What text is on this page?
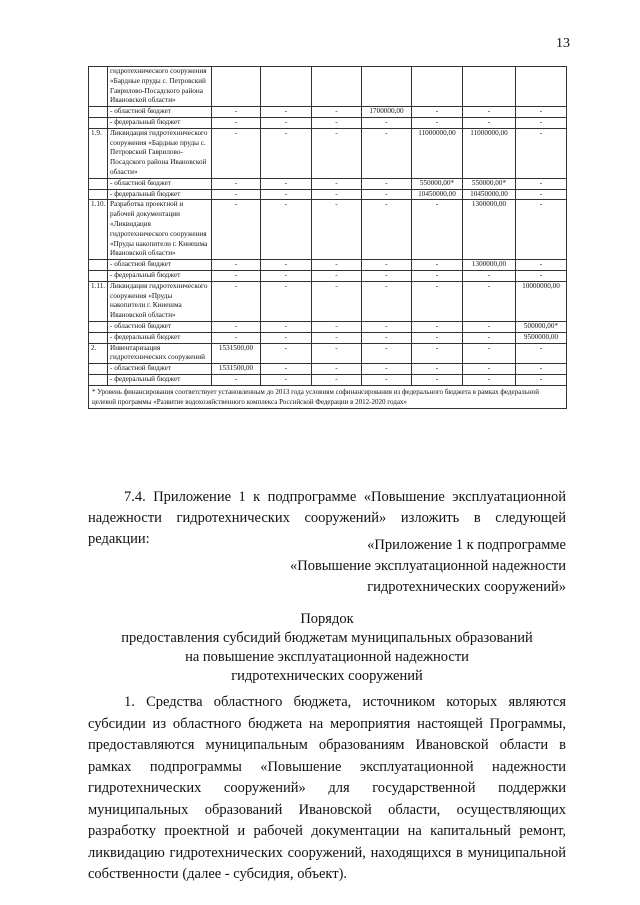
13
	гидротехнического сооружения «Бардные пруды с. Петровский Гаврилово-Посадского района Ивановской области»							
	- областной бюджет	-	-	-	1700000,00	-	-	-
	- федеральный бюджет	-	-	-	-	-	-	-
1.9.	Ликвидация гидротехнического сооружения «Бардные пруды с. Петровский Гаврилово-Посадского района Ивановской области»	-	-	-	-	11000000,00	11000000,00	-
	- областной бюджет	-	-	-	-	550000,00*	550000,00*	-
	- федеральный бюджет	-	-	-	-	10450000,00	10450000,00	-
1.10.	Разработка проектной и рабочей документации «Ликвидация гидротехнического сооружения «Пруды накопители г. Кинешма Ивановской области»	-	-	-	-	-	1300000,00	-
	- областной бюджет	-	-	-	-	-	1300000,00	-
	- федеральный бюджет	-	-	-	-	-	-	-
1.11.	Ликвидация гидротехнического сооружения «Пруды накопители г. Кинешма Ивановской области»	-	-	-	-	-	-	10000000,00
	- областной бюджет	-	-	-	-	-	-	500000,00*
	- федеральный бюджет	-	-	-	-	-	-	9500000,00
2.	Инвентаризация гидротехнических сооружений	1531500,00	-	-	-	-	-	-
	- областной бюджет	1531500,00	-	-	-	-	-	-
	- федеральный бюджет	-	-	-	-	-	-	-
* Уровень финансирования соответствует установленным до 2013 года условиям софинансирования из федерального бюджета в рамках федеральной целевой программы «Развитие водохозяйственного комплекса Российской Федерации в 2012-2020 годах»								

7.4. Приложение 1 к подпрограмме «Повышение эксплуатационной надежности гидротехнических сооружений» изложить в следующей редакции:	«Приложение 1 к подпрограмме
«Повышение эксплуатационной надежности
гидротехнических сооружений»
Порядок
предоставления субсидий бюджетам муниципальных образований
на повышение эксплуатационной надежности
гидротехнических сооружений

1. Средства областного бюджета, источником которых являются субсидии из областного бюджета на мероприятия настоящей Программы, предоставляются муниципальным образованиям Ивановской области в рамках подпрограммы «Повышение эксплуатационной надежности гидротехнических сооружений» для государственной поддержки муниципальных образований Ивановской области, осуществляющих разработку проектной и рабочей документации на капитальный ремонт, ликвидацию гидротехнических сооружений, находящихся в муниципальной собственности (далее - субсидия, объект).
